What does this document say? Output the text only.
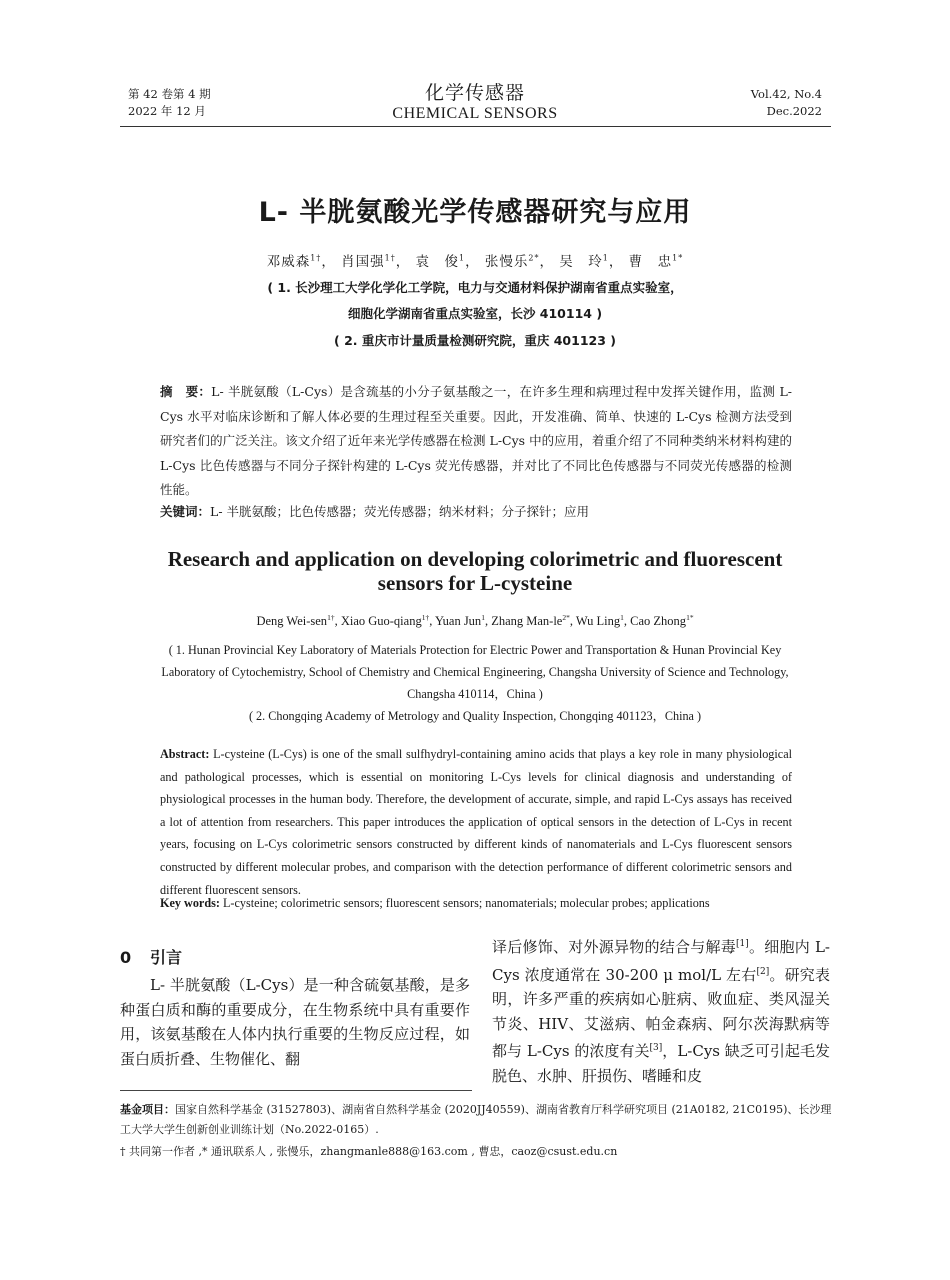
第 42 卷第 4 期
2022 年 12 月
化学传感器
CHEMICAL SENSORS
Vol.42, No.4
Dec.2022
L- 半胱氨酸光学传感器研究与应用
邓威森$^{1\dagger}$， 肖国强$^{1\dagger}$， 袁　俊$^1$， 张慢乐$^{2*}$， 吴　玲$^1$， 曹　忠$^{1*}$
( 1. 长沙理工大学化学化工学院，电力与交通材料保护湖南省重点实验室，
细胞化学湖南省重点实验室，长沙 410114 )
( 2. 重庆市计量质量检测研究院，重庆 401123 )
摘　要：L- 半胱氨酸（L-Cys）是含巯基的小分子氨基酸之一，在许多生理和病理过程中发挥关键作用，监测 L-Cys 水平对临床诊断和了解人体必要的生理过程至关重要。因此，开发准确、简单、快速的 L-Cys 检测方法受到研究者们的广泛关注。该文介绍了近年来光学传感器在检测 L-Cys 中的应用，着重介绍了不同种类纳米材料构建的 L-Cys 比色传感器与不同分子探针构建的 L-Cys 荧光传感器，并对比了不同比色传感器与不同荧光传感器的检测性能。
关键词：L- 半胱氨酸；比色传感器；荧光传感器；纳米材料；分子探针；应用
Research and application on developing colorimetric and fluorescent
sensors for L-cysteine
Deng Wei-sen$^{1\dagger}$, Xiao Guo-qiang$^{1\dagger}$, Yuan Jun$^1$, Zhang Man-$le^{2*}$, Wu Ling$^1$, Cao Zhong$^{1*}$
( 1. Hunan Provincial Key Laboratory of Materials Protection for Electric Power and Transportation & Hunan Provincial Key Laboratory of Cytochemistry, School of Chemistry and Chemical Engineering, Changsha University of Science and Technology, Changsha 410114，China )
( 2. Chongqing Academy of Metrology and Quality Inspection, Chongqing 401123，China )
Abstract: L-cysteine (L-Cys) is one of the small sulfhydryl-containing amino acids that plays a key role in many physiological and pathological processes, which is essential on monitoring L-Cys levels for clinical diagnosis and understanding of physiological processes in the human body. Therefore, the development of accurate, simple, and rapid L-Cys assays has received a lot of attention from researchers. This paper introduces the application of optical sensors in the detection of L-Cys in recent years, focusing on L-Cys colorimetric sensors constructed by different kinds of nanomaterials and L-Cys fluorescent sensors constructed by different molecular probes, and comparison with the detection performance of different colorimetric sensors and different fluorescent sensors.
Key words: L-cysteine; colorimetric sensors; fluorescent sensors; nanomaterials; molecular probes; applications
0 引言
L- 半胱氨酸（L-Cys）是一种含硫氨基酸，是多种蛋白质和酶的重要成分，在生物系统中具有重要作用，该氨基酸在人体内执行重要的生物反应过程，如蛋白质折叠、生物催化、翻
译后修饰、对外源异物的结合与解毒[1]。细胞内 L-Cys 浓度通常在 30-200 μ mol/L 左右[2]。研究表明，许多严重的疾病如心脏病、败血症、类风湿关节炎、HIV、艾滋病、帕金森病、阿尔茨海默病等都与 L-Cys 的浓度有关[3]，L-Cys 缺乏可引起毛发脱色、水肿、肝损伤、嗜睡和皮
基金项目：国家自然科学基金 (31527803)、湖南省自然科学基金 (2020JJ40559)、湖南省教育厅科学研究项目 (21A0182, 21C0195)、长沙理工大学大学生创新创业训练计划（No.2022-0165）.
† 共同第一作者 ,* 通讯联系人 , 张慢乐，zhangmanle888@163.com , 曹忠，caoz@csust.edu.cn
